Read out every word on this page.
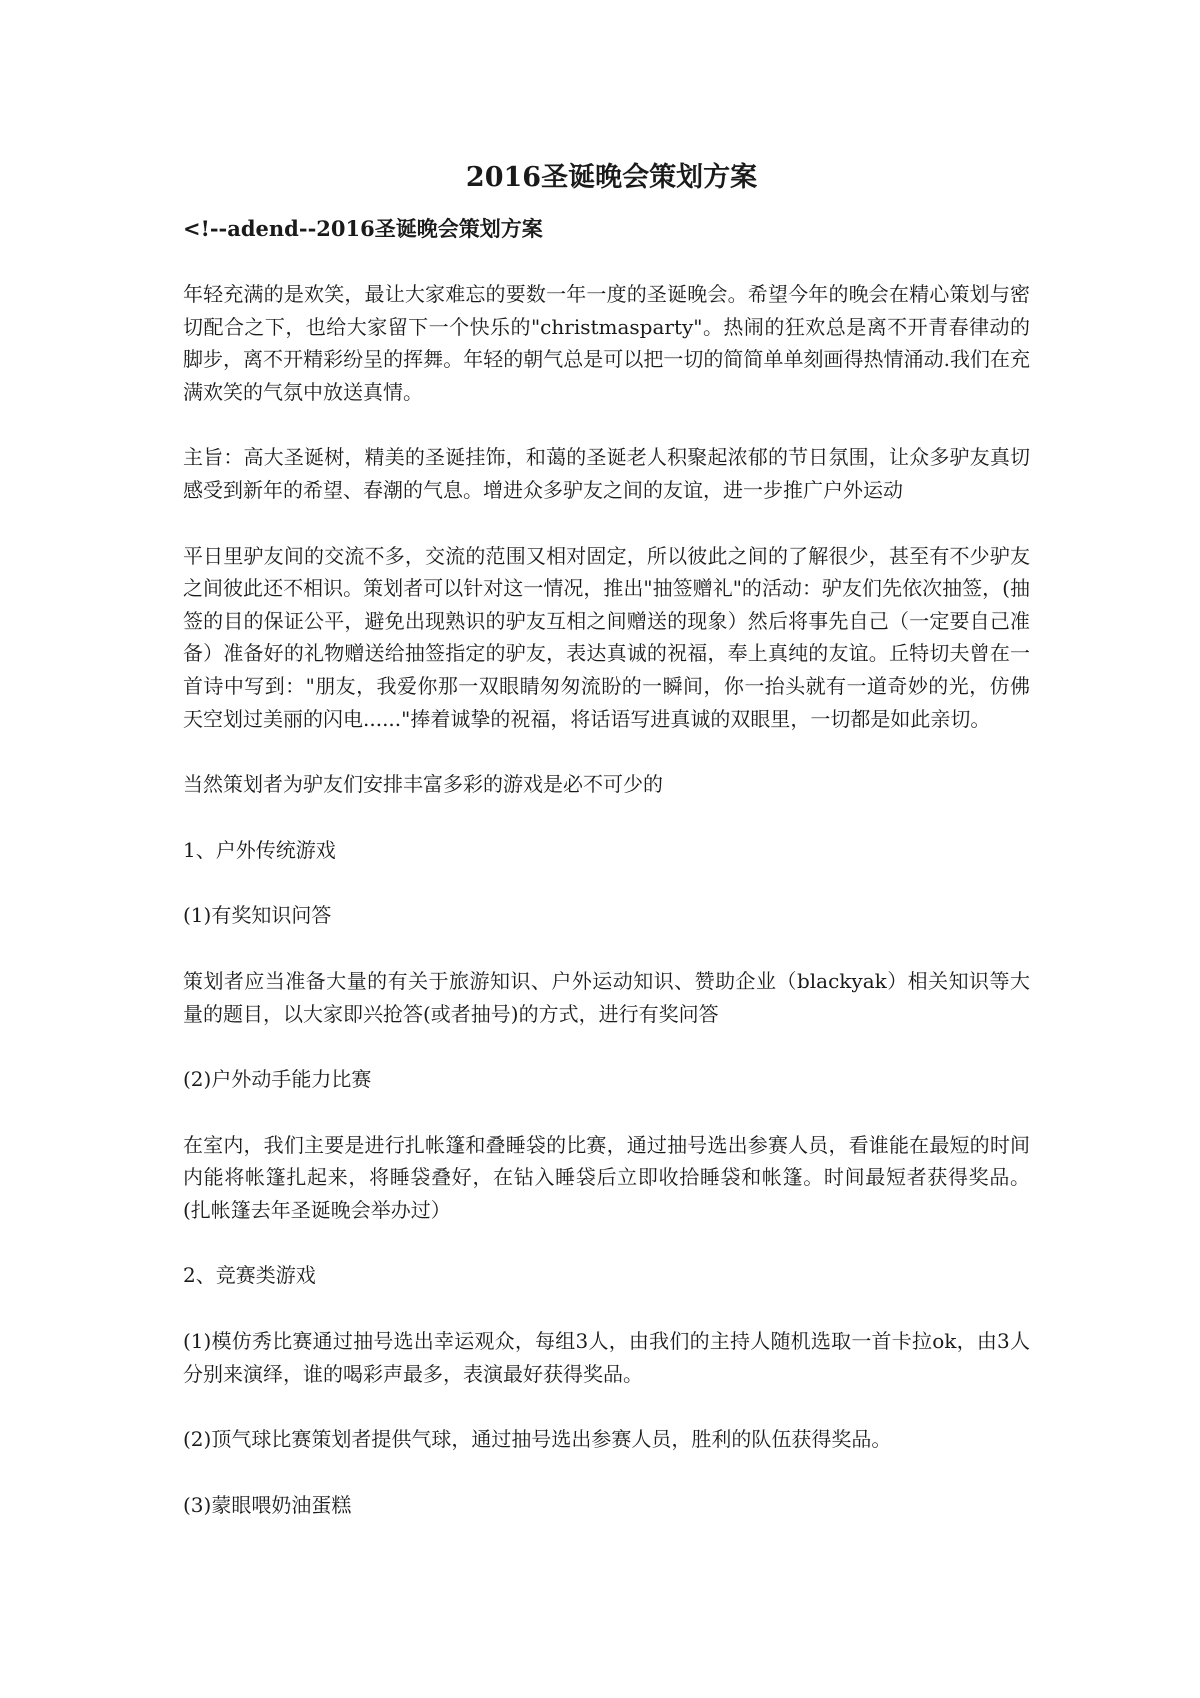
2016圣诞晚会策划方案
<!--adend--2016圣诞晚会策划方案
年轻充满的是欢笑，最让大家难忘的要数一年一度的圣诞晚会。希望今年的晚会在精心策划与密切配合之下，也给大家留下一个快乐的"christmasparty"。热闹的狂欢总是离不开青春律动的脚步，离不开精彩纷呈的挥舞。年轻的朝气总是可以把一切的简简单单刻画得热情涌动.我们在充满欢笑的气氛中放送真情。
主旨：高大圣诞树，精美的圣诞挂饰，和蔼的圣诞老人积聚起浓郁的节日氛围，让众多驴友真切感受到新年的希望、春潮的气息。增进众多驴友之间的友谊，进一步推广户外运动
平日里驴友间的交流不多，交流的范围又相对固定，所以彼此之间的了解很少，甚至有不少驴友之间彼此还不相识。策划者可以针对这一情况，推出"抽签赠礼"的活动：驴友们先依次抽签，(抽签的目的保证公平，避免出现熟识的驴友互相之间赠送的现象）然后将事先自己（一定要自己准备）准备好的礼物赠送给抽签指定的驴友，表达真诚的祝福，奉上真纯的友谊。丘特切夫曾在一首诗中写到："朋友，我爱你那一双眼睛匆匆流盼的一瞬间，你一抬头就有一道奇妙的光，仿佛天空划过美丽的闪电......"捧着诚挚的祝福，将话语写进真诚的双眼里，一切都是如此亲切。
当然策划者为驴友们安排丰富多彩的游戏是必不可少的
1、户外传统游戏
(1)有奖知识问答
策划者应当准备大量的有关于旅游知识、户外运动知识、赞助企业（blackyak）相关知识等大量的题目，以大家即兴抢答(或者抽号)的方式，进行有奖问答
(2)户外动手能力比赛
在室内，我们主要是进行扎帐篷和叠睡袋的比赛，通过抽号选出参赛人员，看谁能在最短的时间内能将帐篷扎起来，将睡袋叠好，在钻入睡袋后立即收拾睡袋和帐篷。时间最短者获得奖品。(扎帐篷去年圣诞晚会举办过）
2、竞赛类游戏
(1)模仿秀比赛通过抽号选出幸运观众，每组3人，由我们的主持人随机选取一首卡拉ok，由3人分别来演绎，谁的喝彩声最多，表演最好获得奖品。
(2)顶气球比赛策划者提供气球，通过抽号选出参赛人员，胜利的队伍获得奖品。
(3)蒙眼喂奶油蛋糕
